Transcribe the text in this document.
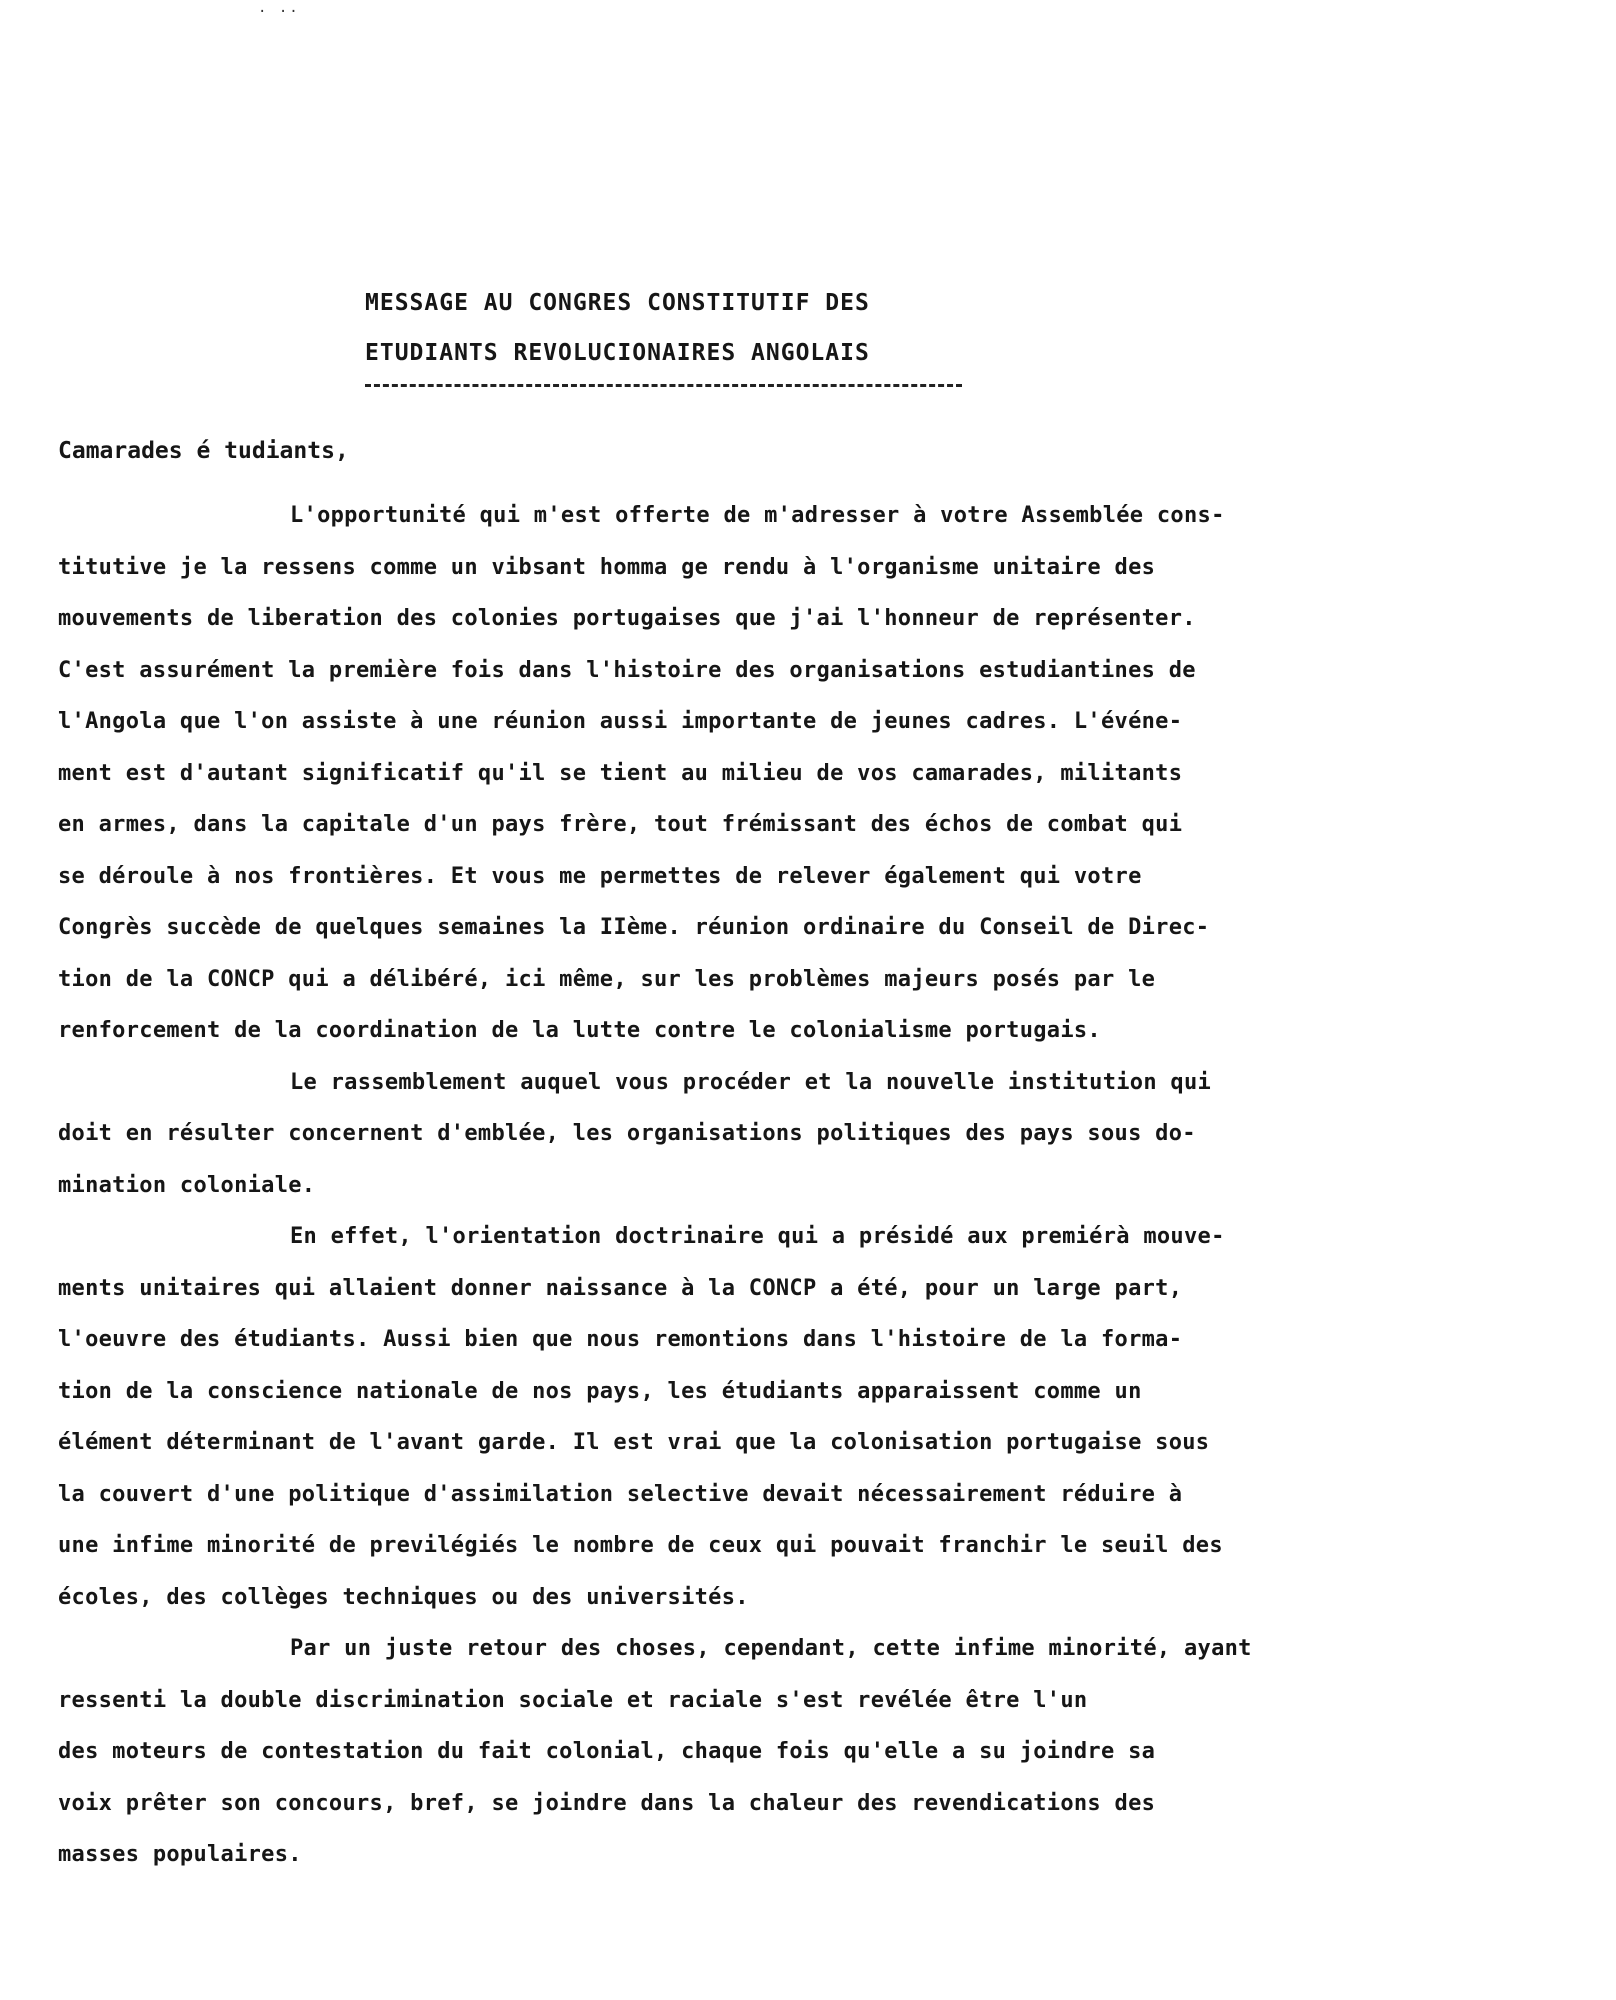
· ··
MESSAGE AU CONGRES CONSTITUTIF DES
ETUDIANTS REVOLUCIONAIRES ANGOLAIS
Camarades é tudiants,
L'opportunité qui m'est offerte de m'adresser à votre Assemblée cons-
titutive je la ressens comme un vibsant homma ge rendu à l'organisme unitaire des
mouvements de liberation des colonies portugaises que j'ai l'honneur de représenter.
C'est assurément la première fois dans l'histoire des organisations estudiantines de
l'Angola que l'on assiste à une réunion aussi importante de jeunes cadres. L'événe-
ment est d'autant significatif qu'il se tient au milieu de vos camarades, militants
en armes, dans la capitale d'un pays frère, tout frémissant des échos de combat qui
se déroule à nos frontières. Et vous me permettes de relever également qui votre
Congrès succède de quelques semaines la IIème. réunion ordinaire du Conseil de Direc-
tion de la CONCP qui a délibéré, ici même, sur les problèmes majeurs posés par le
renforcement de la coordination de la lutte contre le colonialisme portugais.
Le rassemblement auquel vous procéder et la nouvelle institution qui
doit en résulter concernent d'emblée, les organisations politiques des pays sous do-
mination coloniale.
En effet, l'orientation doctrinaire qui a présidé aux premiérà mouve-
ments unitaires qui allaient donner naissance à la CONCP a été, pour un large part,
l'oeuvre des étudiants. Aussi bien que nous remontions dans l'histoire de la forma-
tion de la conscience nationale de nos pays, les étudiants apparaissent comme un
élément déterminant de l'avant garde. Il est vrai que la colonisation portugaise sous
la couvert d'une politique d'assimilation selective devait nécessairement réduire à
une infime minorité de previlégiés le nombre de ceux qui pouvait franchir le seuil des
écoles, des collèges techniques ou des universités.
Par un juste retour des choses, cependant, cette infime minorité, ayant
ressenti la double discrimination sociale et raciale s'est revélée être l'un
des moteurs de contestation du fait colonial, chaque fois qu'elle a su joindre sa
voix prêter son concours, bref, se joindre dans la chaleur des revendications des
masses populaires.
